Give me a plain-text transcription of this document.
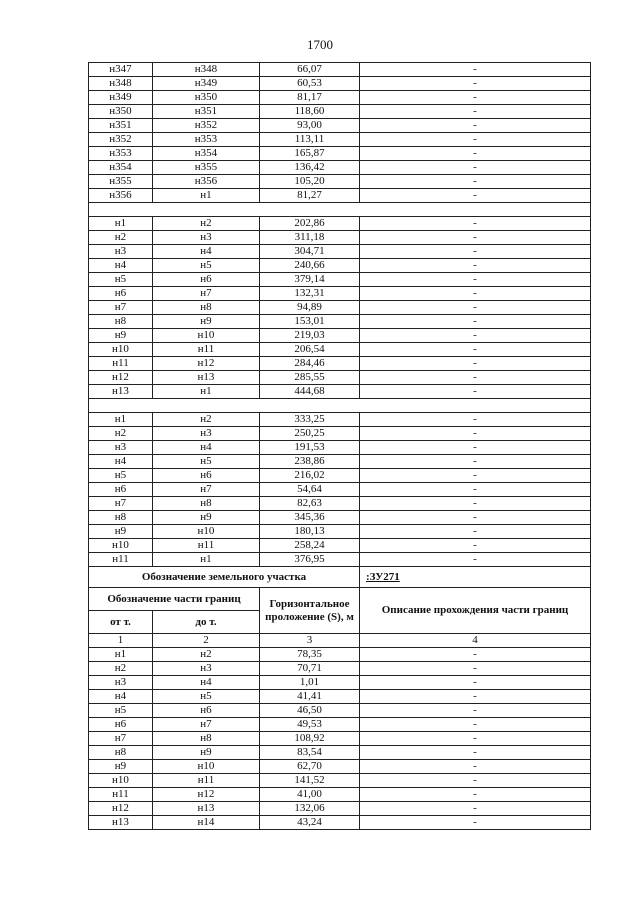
1700
н347	н348	66,07	-
н348	н349	60,53	-
н349	н350	81,17	-
н350	н351	118,60	-
н351	н352	93,00	-
н352	н353	113,11	-
н353	н354	165,87	-
н354	н355	136,42	-
н355	н356	105,20	-
н356	н1	81,27	-

н1	н2	202,86	-
н2	н3	311,18	-
н3	н4	304,71	-
н4	н5	240,66	-
н5	н6	379,14	-
н6	н7	132,31	-
н7	н8	94,89	-
н8	н9	153,01	-
н9	н10	219,03	-
н10	н11	206,54	-
н11	н12	284,46	-
н12	н13	285,55	-
н13	н1	444,68	-

н1	н2	333,25	-
н2	н3	250,25	-
н3	н4	191,53	-
н4	н5	238,86	-
н5	н6	216,02	-
н6	н7	54,64	-
н7	н8	82,63	-
н8	н9	345,36	-
н9	н10	180,13	-
н10	н11	258,24	-
н11	н1	376,95	-
Обозначение земельного участка			:ЗУ271
Обозначение части границ		Горизонтальное проложение (S), м	Описание прохождения части границ
от т.	до т.		
1	2	3	4
н1	н2	78,35	-
н2	н3	70,71	-
н3	н4	1,01	-
н4	н5	41,41	-
н5	н6	46,50	-
н6	н7	49,53	-
н7	н8	108,92	-
н8	н9	83,54	-
н9	н10	62,70	-
н10	н11	141,52	-
н11	н12	41,00	-
н12	н13	132,06	-
н13	н14	43,24	-
